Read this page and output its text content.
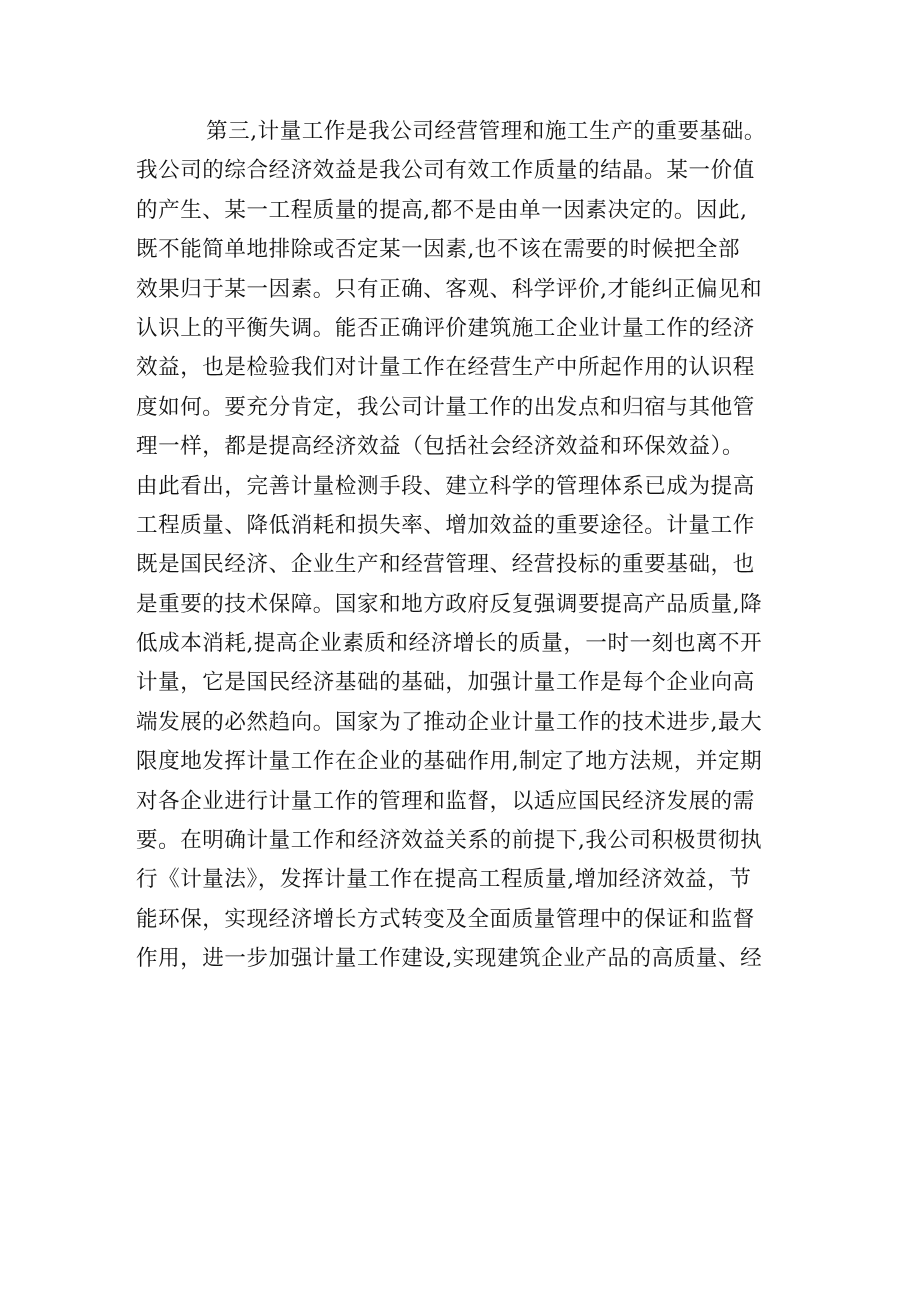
第三,计量工作是我公司经营管理和施工生产的重要基础。
我公司的综合经济效益是我公司有效工作质量的结晶。某一价值
的产生、某一工程质量的提高,都不是由单一因素决定的。因此,
既不能简单地排除或否定某一因素,也不该在需要的时候把全部
效果归于某一因素。只有正确、客观、科学评价,才能纠正偏见和
认识上的平衡失调。能否正确评价建筑施工企业计量工作的经济
效益，也是检验我们对计量工作在经营生产中所起作用的认识程
度如何。要充分肯定，我公司计量工作的出发点和归宿与其他管
理一样，都是提高经济效益（包括社会经济效益和环保效益）。
由此看出，完善计量检测手段、建立科学的管理体系已成为提高
工程质量、降低消耗和损失率、增加效益的重要途径。计量工作
既是国民经济、企业生产和经营管理、经营投标的重要基础，也
是重要的技术保障。国家和地方政府反复强调要提高产品质量,降
低成本消耗,提高企业素质和经济增长的质量，一时一刻也离不开
计量，它是国民经济基础的基础，加强计量工作是每个企业向高
端发展的必然趋向。国家为了推动企业计量工作的技术进步,最大
限度地发挥计量工作在企业的基础作用,制定了地方法规，并定期
对各企业进行计量工作的管理和监督，以适应国民经济发展的需
要。在明确计量工作和经济效益关系的前提下,我公司积极贯彻执
行《计量法》，发挥计量工作在提高工程质量,增加经济效益，节
能环保，实现经济增长方式转变及全面质量管理中的保证和监督
作用，进一步加强计量工作建设,实现建筑企业产品的高质量、经
